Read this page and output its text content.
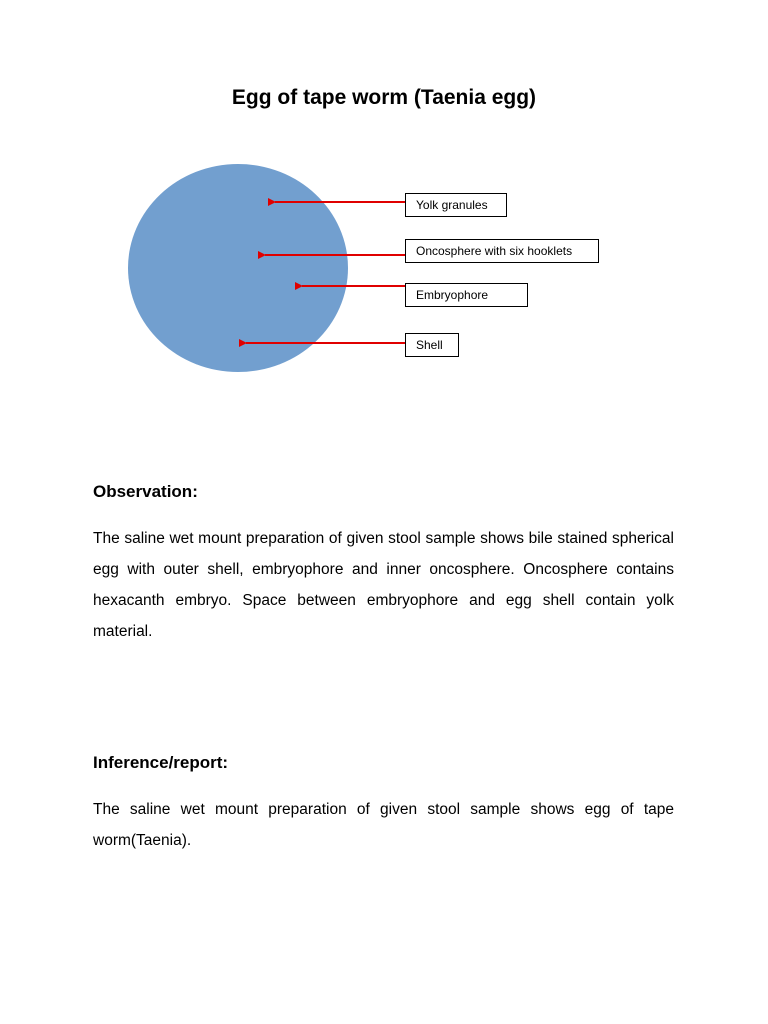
Egg of tape worm (Taenia egg)
Yolk granules
Oncosphere with six hooklets
Embryophore
Shell
Observation:

The saline wet mount preparation of given stool sample shows bile stained spherical egg with outer shell, embryophore and inner oncosphere. Oncosphere contains hexacanth embryo. Space between embryophore and egg shell contain yolk material.

Inference/report:

The saline wet mount preparation of given stool sample shows egg of tape worm(Taenia).
